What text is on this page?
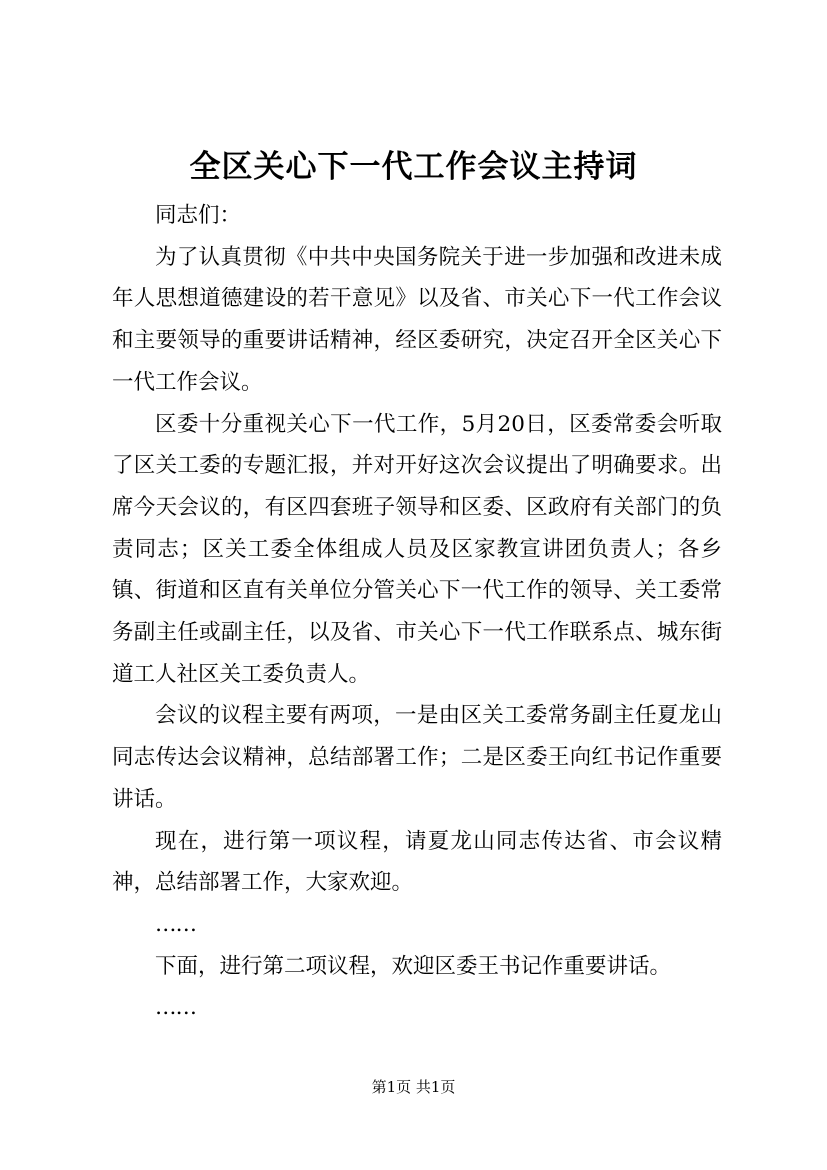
全区关心下一代工作会议主持词

同志们：

为了认真贯彻《中共中央国务院关于进一步加强和改进未成年人思想道德建设的若干意见》以及省、市关心下一代工作会议和主要领导的重要讲话精神，经区委研究，决定召开全区关心下一代工作会议。

区委十分重视关心下一代工作，5月20日，区委常委会听取了区关工委的专题汇报，并对开好这次会议提出了明确要求。出席今天会议的，有区四套班子领导和区委、区政府有关部门的负责同志；区关工委全体组成人员及区家教宣讲团负责人；各乡镇、街道和区直有关单位分管关心下一代工作的领导、关工委常务副主任或副主任，以及省、市关心下一代工作联系点、城东街道工人社区关工委负责人。

会议的议程主要有两项，一是由区关工委常务副主任夏龙山同志传达会议精神，总结部署工作；二是区委王向红书记作重要讲话。

现在，进行第一项议程，请夏龙山同志传达省、市会议精神，总结部署工作，大家欢迎。

……

下面，进行第二项议程，欢迎区委王书记作重要讲话。

……

第1页 共1页
